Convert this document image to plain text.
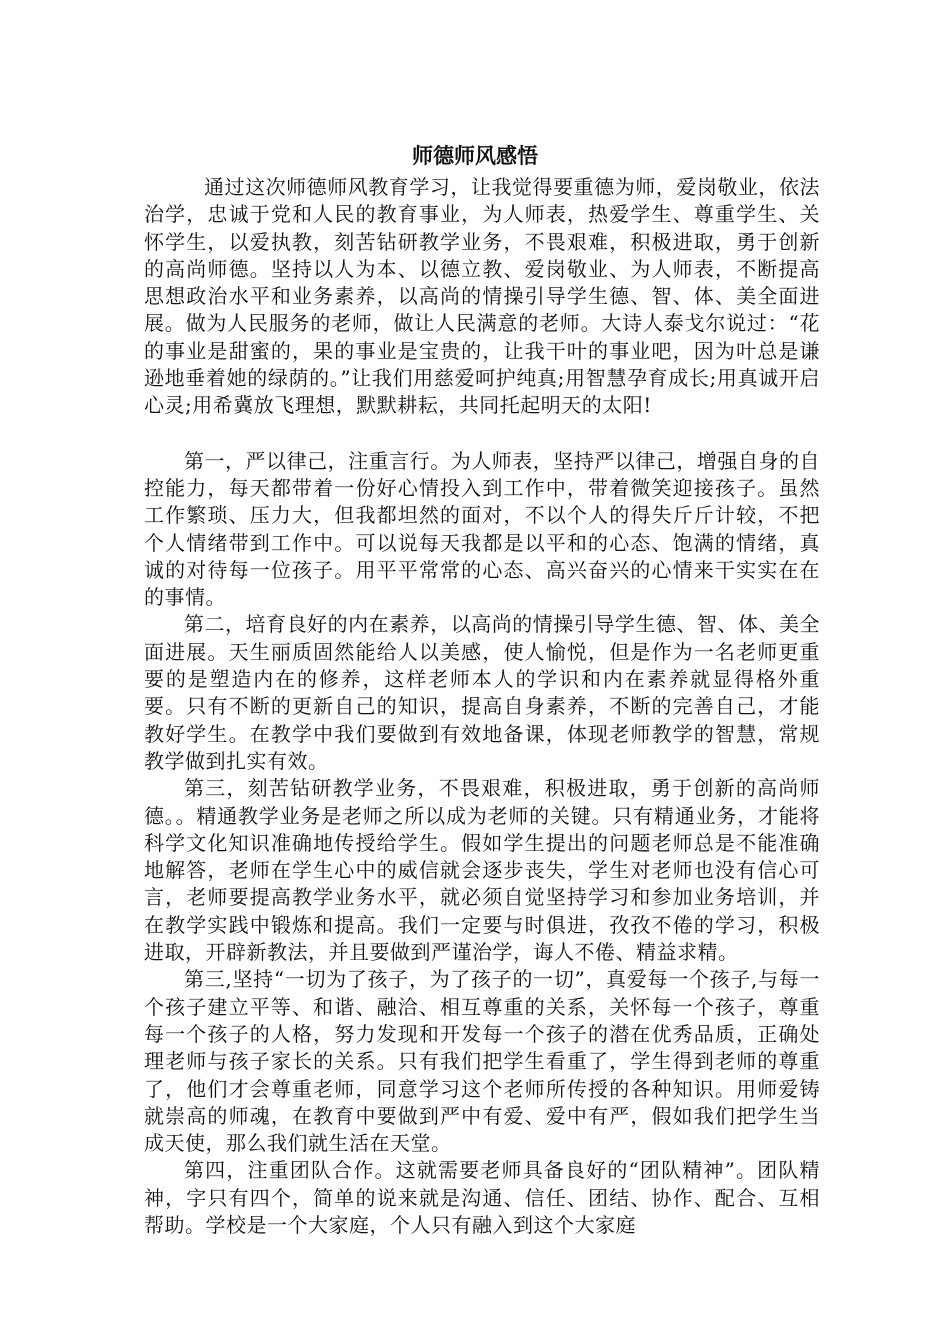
师德师风感悟

通过这次师德师风教育学习，让我觉得要重德为师，爱岗敬业，依法治学，忠诚于党和人民的教育事业，为人师表，热爱学生、尊重学生、关怀学生，以爱执教，刻苦钻研教学业务，不畏艰难，积极进取，勇于创新的高尚师德。坚持以人为本、以德立教、爱岗敬业、为人师表，不断提高思想政治水平和业务素养，以高尚的情操引导学生德、智、体、美全面进展。做为人民服务的老师，做让人民满意的老师。大诗人泰戈尔说过：“花的事业是甜蜜的，果的事业是宝贵的，让我干叶的事业吧，因为叶总是谦逊地垂着她的绿荫的。”让我们用慈爱呵护纯真;用智慧孕育成长;用真诚开启心灵;用希冀放飞理想，默默耕耘，共同托起明天的太阳!

第一，严以律己，注重言行。为人师表，坚持严以律己，增强自身的自控能力，每天都带着一份好心情投入到工作中，带着微笑迎接孩子。虽然工作繁琐、压力大，但我都坦然的面对，不以个人的得失斤斤计较，不把个人情绪带到工作中。可以说每天我都是以平和的心态、饱满的情绪，真诚的对待每一位孩子。用平平常常的心态、高兴奋兴的心情来干实实在在的事情。

第二，培育良好的内在素养，以高尚的情操引导学生德、智、体、美全面进展。天生丽质固然能给人以美感，使人愉悦，但是作为一名老师更重要的是塑造内在的修养，这样老师本人的学识和内在素养就显得格外重要。只有不断的更新自己的知识，提高自身素养，不断的完善自己，才能教好学生。在教学中我们要做到有效地备课，体现老师教学的智慧，常规教学做到扎实有效。

第三，刻苦钻研教学业务，不畏艰难，积极进取，勇于创新的高尚师德。。精通教学业务是老师之所以成为老师的关键。只有精通业务，才能将科学文化知识准确地传授给学生。假如学生提出的问题老师总是不能准确地解答，老师在学生心中的威信就会逐步丧失，学生对老师也没有信心可言，老师要提高教学业务水平，就必须自觉坚持学习和参加业务培训，并在教学实践中锻炼和提高。我们一定要与时俱进，孜孜不倦的学习，积极进取，开辟新教法，并且要做到严谨治学，诲人不倦、精益求精。

第三,坚持“一切为了孩子，为了孩子的一切”，真爱每一个孩子,与每一个孩子建立平等、和谐、融洽、相互尊重的关系，关怀每一个孩子，尊重每一个孩子的人格，努力发现和开发每一个孩子的潜在优秀品质，正确处理老师与孩子家长的关系。只有我们把学生看重了，学生得到老师的尊重了，他们才会尊重老师，同意学习这个老师所传授的各种知识。用师爱铸就崇高的师魂，在教育中要做到严中有爱、爱中有严，假如我们把学生当成天使，那么我们就生活在天堂。

第四，注重团队合作。这就需要老师具备良好的“团队精神”。团队精神，字只有四个，简单的说来就是沟通、信任、团结、协作、配合、互相帮助。学校是一个大家庭，个人只有融入到这个大家庭
